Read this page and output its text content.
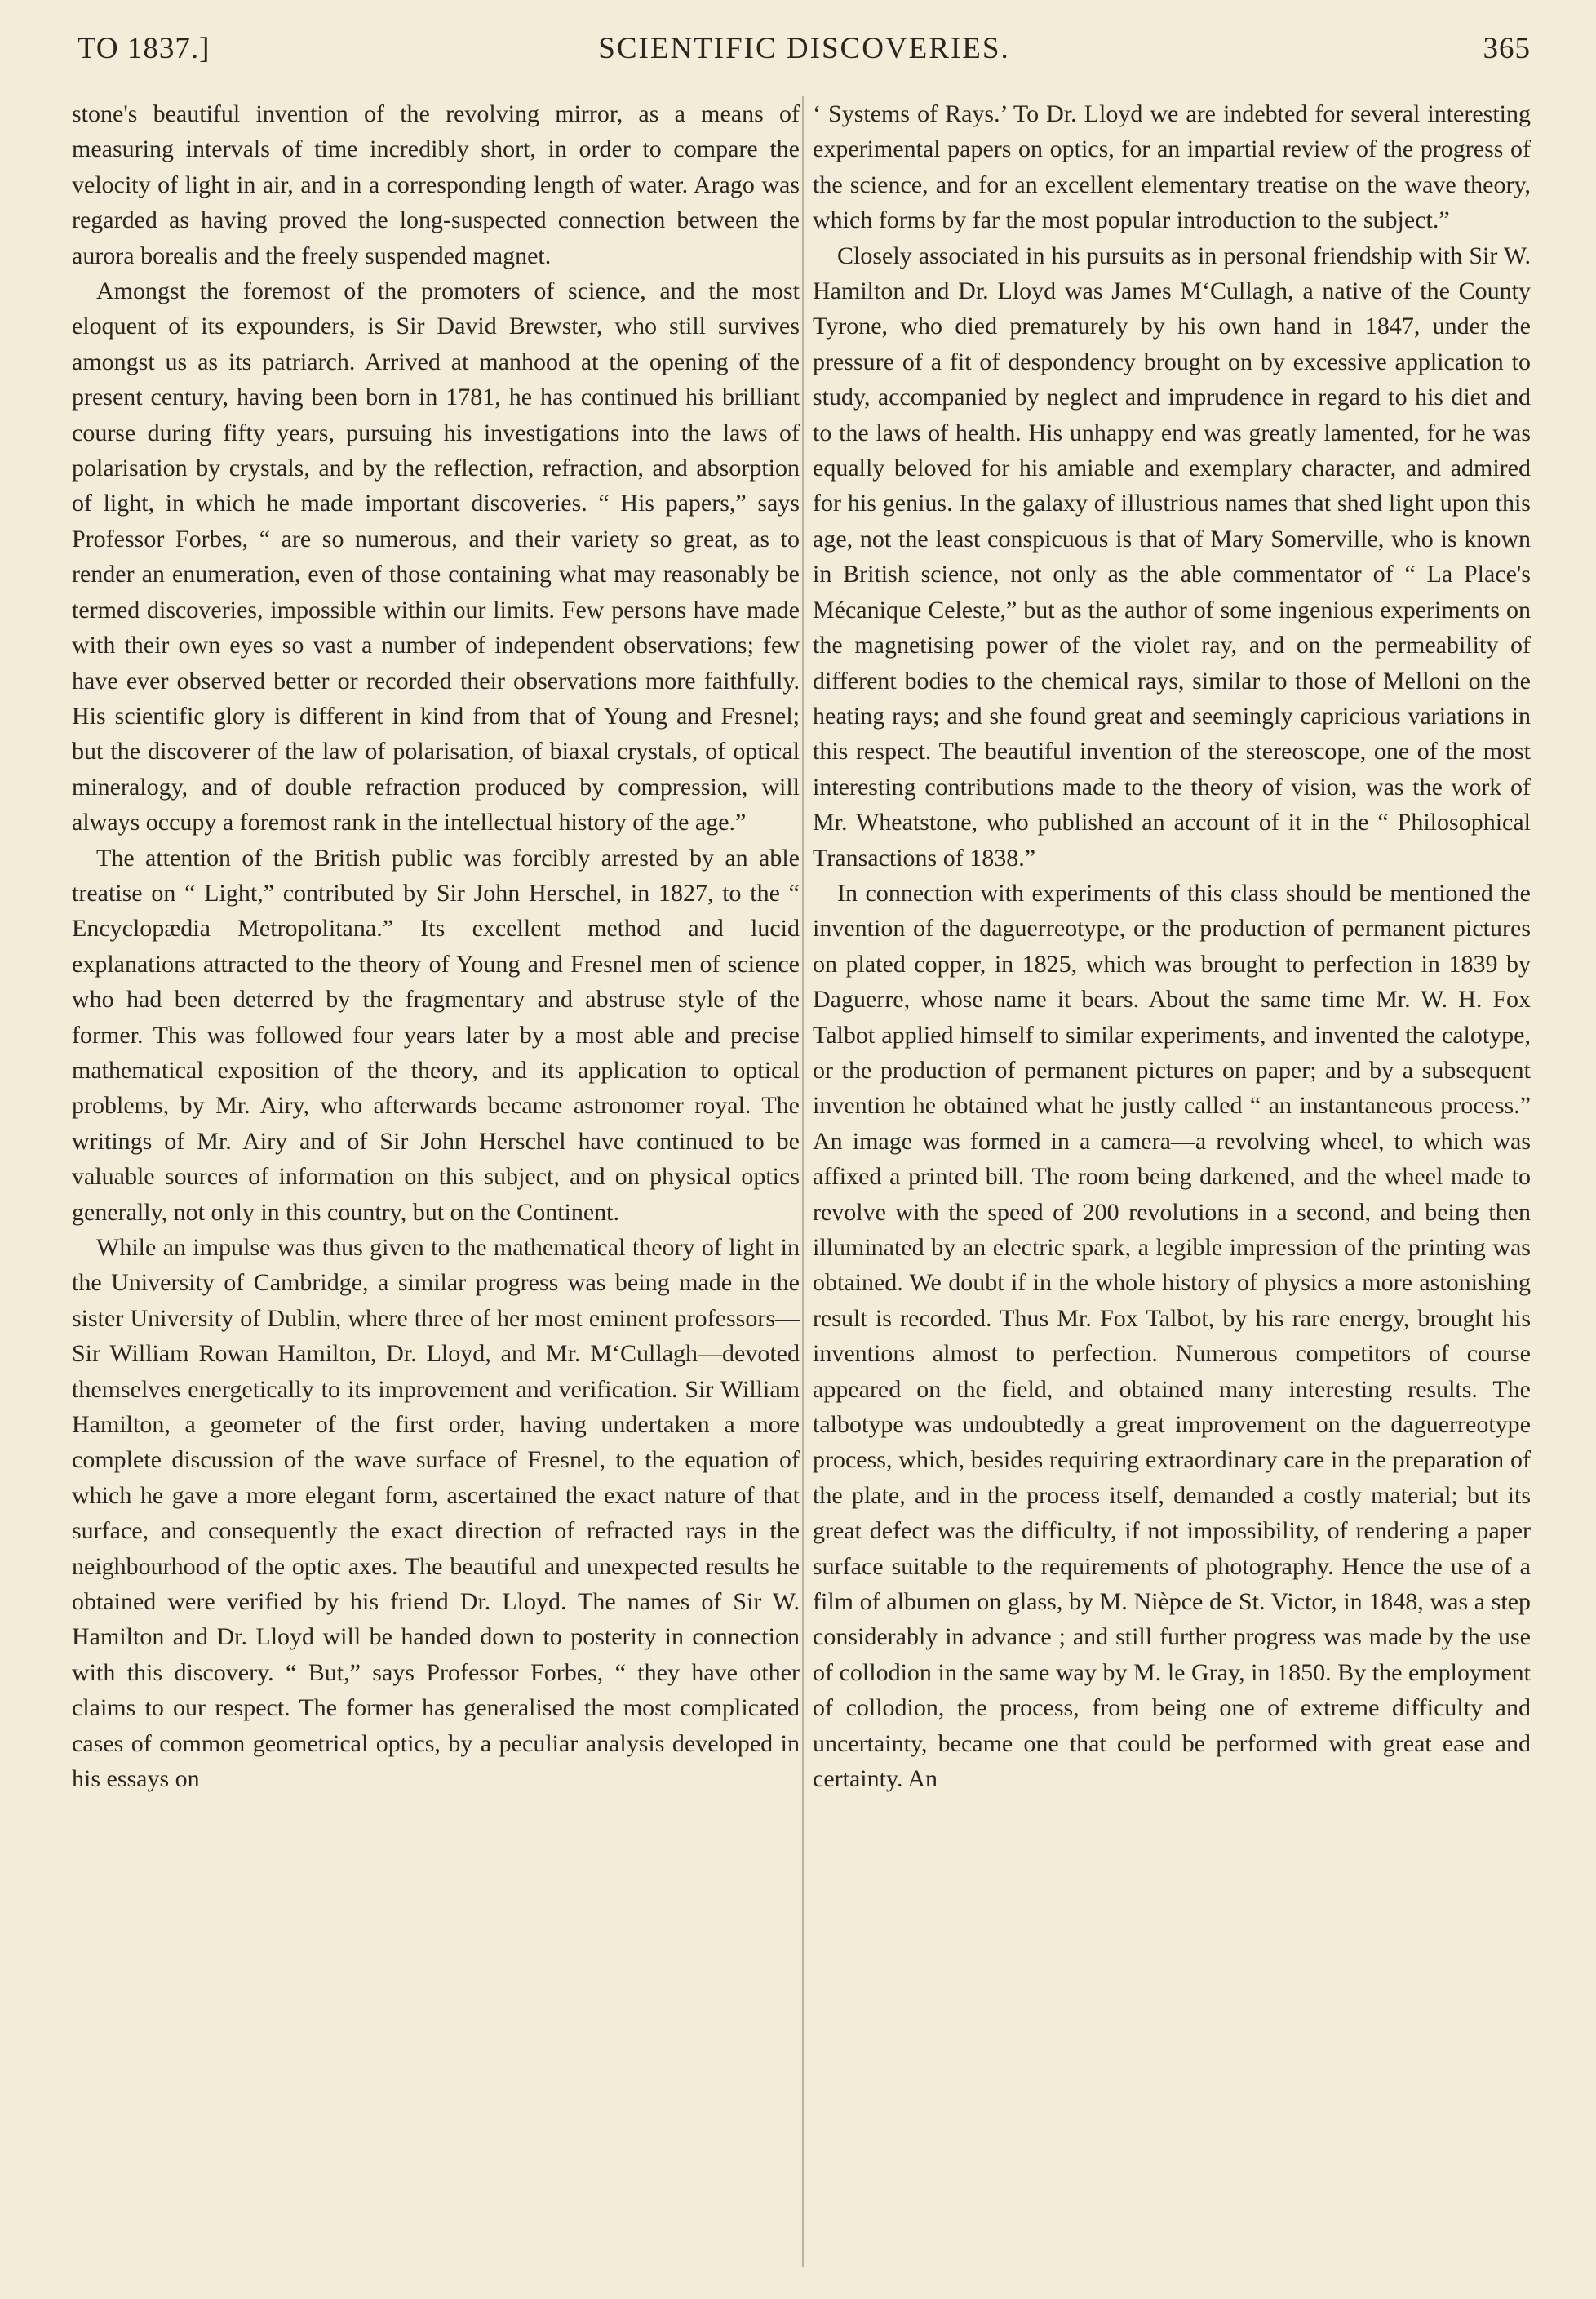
TO 1837.]	SCIENTIFIC DISCOVERIES.	365

stone's beautiful invention of the revolving mirror, as a means of measuring intervals of time incredibly short, in order to compare the velocity of light in air, and in a corresponding length of water. Arago was regarded as having proved the long-suspected connection between the aurora borealis and the freely suspended magnet.

Amongst the foremost of the promoters of science, and the most eloquent of its expounders, is Sir David Brewster, who still survives amongst us as its patriarch. Arrived at manhood at the opening of the present century, having been born in 1781, he has continued his brilliant course during fifty years, pursuing his investigations into the laws of polarisation by crystals, and by the reflection, refraction, and absorption of light, in which he made important discoveries. “ His papers,” says Professor Forbes, “ are so numerous, and their variety so great, as to render an enumeration, even of those containing what may reasonably be termed discoveries, impossible within our limits. Few persons have made with their own eyes so vast a number of independent observations; few have ever observed better or recorded their observations more faithfully. His scientific glory is different in kind from that of Young and Fresnel; but the discoverer of the law of polarisation, of biaxal crystals, of optical mineralogy, and of double refraction produced by compression, will always occupy a foremost rank in the intellectual history of the age.”

The attention of the British public was forcibly arrested by an able treatise on “ Light,” contributed by Sir John Herschel, in 1827, to the “ Encyclopædia Metropolitana.” Its excellent method and lucid explanations attracted to the theory of Young and Fresnel men of science who had been deterred by the fragmentary and abstruse style of the former. This was followed four years later by a most able and precise mathematical exposition of the theory, and its application to optical problems, by Mr. Airy, who afterwards became astronomer royal. The writings of Mr. Airy and of Sir John Herschel have continued to be valuable sources of information on this subject, and on physical optics generally, not only in this country, but on the Continent.

While an impulse was thus given to the mathematical theory of light in the University of Cambridge, a similar progress was being made in the sister University of Dublin, where three of her most eminent professors—Sir William Rowan Hamilton, Dr. Lloyd, and Mr. M‘Cullagh—devoted themselves energetically to its improvement and verification. Sir William Hamilton, a geometer of the first order, having undertaken a more complete discussion of the wave surface of Fresnel, to the equation of which he gave a more elegant form, ascertained the exact nature of that surface, and consequently the exact direction of refracted rays in the neighbourhood of the optic axes. The beautiful and unexpected results he obtained were verified by his friend Dr. Lloyd. The names of Sir W. Hamilton and Dr. Lloyd will be handed down to posterity in connection with this discovery. “ But,” says Professor Forbes, “ they have other claims to our respect. The former has generalised the most complicated cases of common geometrical optics, by a peculiar analysis developed in his essays on

‘ Systems of Rays.’ To Dr. Lloyd we are indebted for several interesting experimental papers on optics, for an impartial review of the progress of the science, and for an excellent elementary treatise on the wave theory, which forms by far the most popular introduction to the subject.”

Closely associated in his pursuits as in personal friendship with Sir W. Hamilton and Dr. Lloyd was James M‘Cullagh, a native of the County Tyrone, who died prematurely by his own hand in 1847, under the pressure of a fit of despondency brought on by excessive application to study, accompanied by neglect and imprudence in regard to his diet and to the laws of health. His unhappy end was greatly lamented, for he was equally beloved for his amiable and exemplary character, and admired for his genius. In the galaxy of illustrious names that shed light upon this age, not the least conspicuous is that of Mary Somerville, who is known in British science, not only as the able commentator of “ La Place's Mécanique Celeste,” but as the author of some ingenious experiments on the magnetising power of the violet ray, and on the permeability of different bodies to the chemical rays, similar to those of Melloni on the heating rays; and she found great and seemingly capricious variations in this respect. The beautiful invention of the stereoscope, one of the most interesting contributions made to the theory of vision, was the work of Mr. Wheatstone, who published an account of it in the “ Philosophical Transactions of 1838.”

In connection with experiments of this class should be mentioned the invention of the daguerreotype, or the production of permanent pictures on plated copper, in 1825, which was brought to perfection in 1839 by Daguerre, whose name it bears. About the same time Mr. W. H. Fox Talbot applied himself to similar experiments, and invented the calotype, or the production of permanent pictures on paper; and by a subsequent invention he obtained what he justly called “ an instantaneous process.” An image was formed in a camera—a revolving wheel, to which was affixed a printed bill. The room being darkened, and the wheel made to revolve with the speed of 200 revolutions in a second, and being then illuminated by an electric spark, a legible impression of the printing was obtained. We doubt if in the whole history of physics a more astonishing result is recorded. Thus Mr. Fox Talbot, by his rare energy, brought his inventions almost to perfection. Numerous competitors of course appeared on the field, and obtained many interesting results. The talbotype was undoubtedly a great improvement on the daguerreotype process, which, besides requiring extraordinary care in the preparation of the plate, and in the process itself, demanded a costly material; but its great defect was the difficulty, if not impossibility, of rendering a paper surface suitable to the requirements of photography. Hence the use of a film of albumen on glass, by M. Nièpce de St. Victor, in 1848, was a step considerably in advance ; and still further progress was made by the use of collodion in the same way by M. le Gray, in 1850. By the employment of collodion, the process, from being one of extreme difficulty and uncertainty, became one that could be performed with great ease and certainty. An
